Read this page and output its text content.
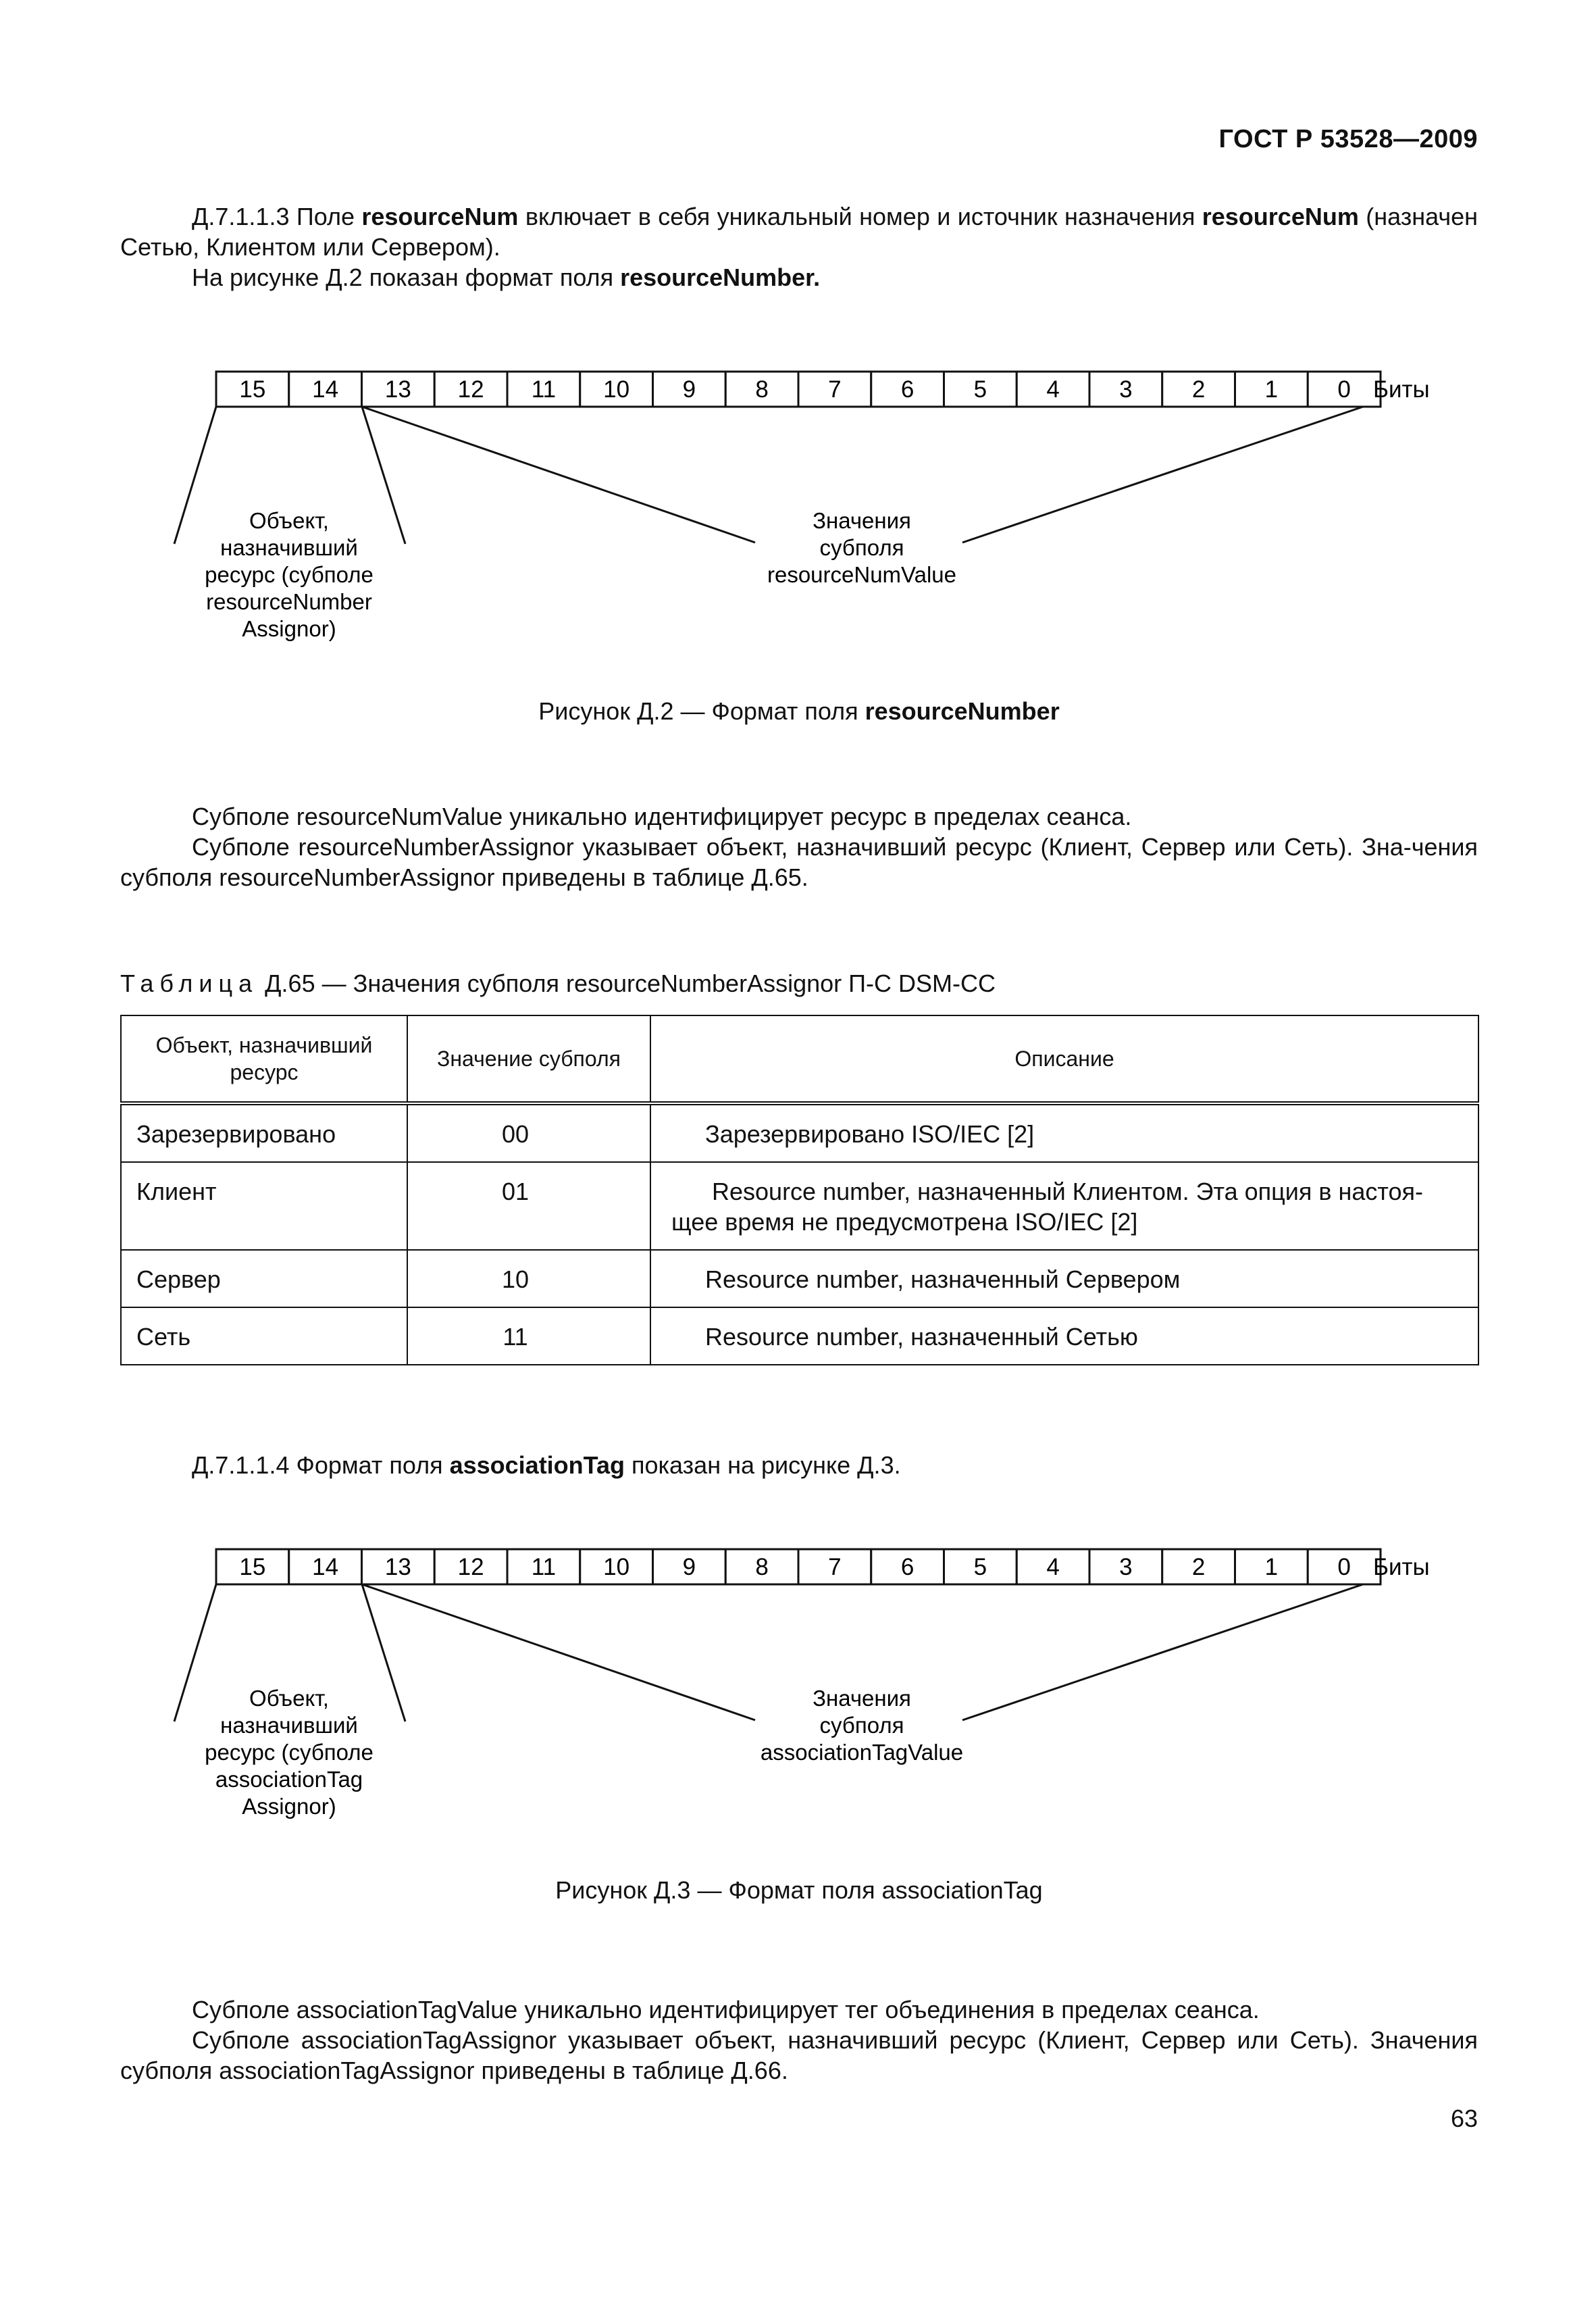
ГОСТ Р 53528—2009

Д.7.1.1.3 Поле resourceNum включает в себя уникальный номер и источник назначения resourceNum (назначен Сетью, Клиентом или Сервером).

На рисунке Д.2 показан формат поля resourceNumber.

15 14 13 12 11 10 9	8	7	6	5	4	3	2	1	0 Биты
Объект,
назначивший
ресурс (субполе
resourceNumber
Assignor)
Значения
субполя
resourceNumValue
Рисунок Д.2 — Формат поля resourceNumber

Субполе resourceNumValue уникально идентифицирует ресурс в пределах сеанса.

Субполе resourceNumberAssignor указывает объект, назначивший ресурс (Клиент, Сервер или Сеть). Зна-чения субполя resourceNumberAssignor приведены в таблице Д.65.

Таблица Д.65 — Значения субполя resourceNumberAssignor П-С DSM-CC
Объект, назначивший ресурс	Значение субполя	Описание
Зарезервировано	00	Зарезервировано ISO/IEC [2]
Клиент	01	Resource number, назначенный Клиентом. Эта опция в настоя-щее время не предусмотрена ISO/IEC [2]
Сервер	10	Resource number, назначенный Сервером
Сеть	11	Resource number, назначенный Сетью

Д.7.1.1.4 Формат поля associationTag показан на рисунке Д.3.

15 14 13 12 11 10 9	8	7	6	5	4	3	2	1	0 Биты
Объект,
назначивший
ресурс (субполе
associationTag
Assignor)
Значения
субполя
associationTagValue
Рисунок Д.3 — Формат поля associationTag

Субполе associationTagValue уникально идентифицирует тег объединения в пределах сеанса.

Субполе associationTagAssignor указывает объект, назначивший ресурс (Клиент, Сервер или Сеть). Значения субполя associationTagAssignor приведены в таблице Д.66.

63
